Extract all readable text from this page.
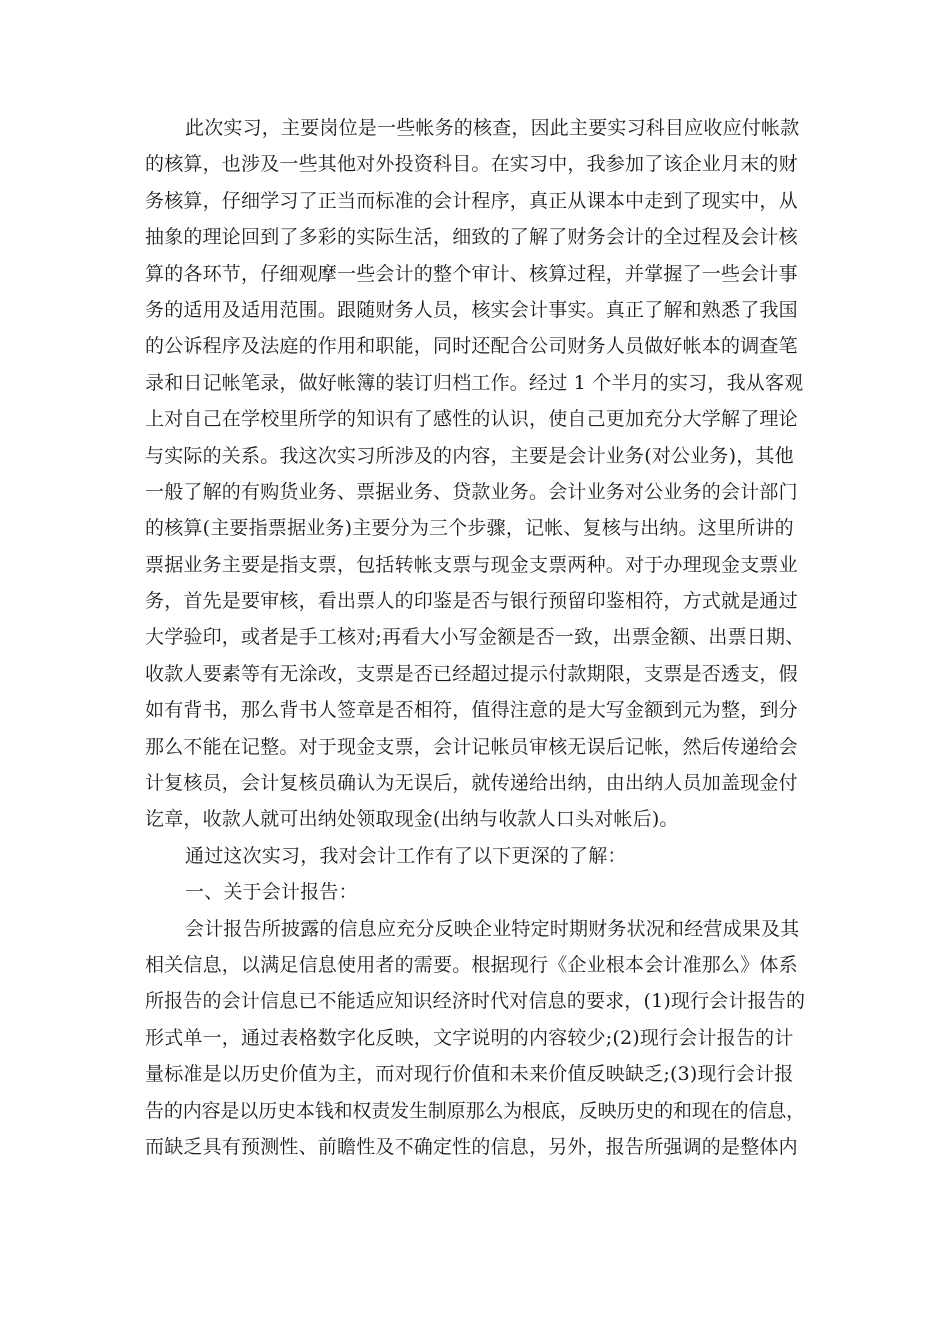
此次实习，主要岗位是一些帐务的核查，因此主要实习科目应收应付帐款
的核算，也涉及一些其他对外投资科目。在实习中，我参加了该企业月末的财
务核算，仔细学习了正当而标准的会计程序，真正从课本中走到了现实中，从
抽象的理论回到了多彩的实际生活，细致的了解了财务会计的全过程及会计核
算的各环节，仔细观摩一些会计的整个审计、核算过程，并掌握了一些会计事
务的适用及适用范围。跟随财务人员，核实会计事实。真正了解和熟悉了我国
的公诉程序及法庭的作用和职能，同时还配合公司财务人员做好帐本的调查笔
录和日记帐笔录，做好帐簿的装订归档工作。经过 1 个半月的实习，我从客观
上对自己在学校里所学的知识有了感性的认识，使自己更加充分大学解了理论
与实际的关系。我这次实习所涉及的内容，主要是会计业务(对公业务)，其他
一般了解的有购货业务、票据业务、贷款业务。会计业务对公业务的会计部门
的核算(主要指票据业务)主要分为三个步骤，记帐、复核与出纳。这里所讲的
票据业务主要是指支票，包括转帐支票与现金支票两种。对于办理现金支票业
务，首先是要审核，看出票人的印鉴是否与银行预留印鉴相符，方式就是通过
大学验印，或者是手工核对;再看大小写金额是否一致，出票金额、出票日期、
收款人要素等有无涂改，支票是否已经超过提示付款期限，支票是否透支，假
如有背书，那么背书人签章是否相符，值得注意的是大写金额到元为整，到分
那么不能在记整。对于现金支票，会计记帐员审核无误后记帐，然后传递给会
计复核员，会计复核员确认为无误后，就传递给出纳，由出纳人员加盖现金付
讫章，收款人就可出纳处领取现金(出纳与收款人口头对帐后)。
通过这次实习，我对会计工作有了以下更深的了解：
一、关于会计报告：
会计报告所披露的信息应充分反映企业特定时期财务状况和经营成果及其
相关信息，以满足信息使用者的需要。根据现行《企业根本会计准那么》体系
所报告的会计信息已不能适应知识经济时代对信息的要求，(1)现行会计报告的
形式单一，通过表格数字化反映，文字说明的内容较少;(2)现行会计报告的计
量标准是以历史价值为主，而对现行价值和未来价值反映缺乏;(3)现行会计报
告的内容是以历史本钱和权责发生制原那么为根底，反映历史的和现在的信息，
而缺乏具有预测性、前瞻性及不确定性的信息，另外，报告所强调的是整体内
